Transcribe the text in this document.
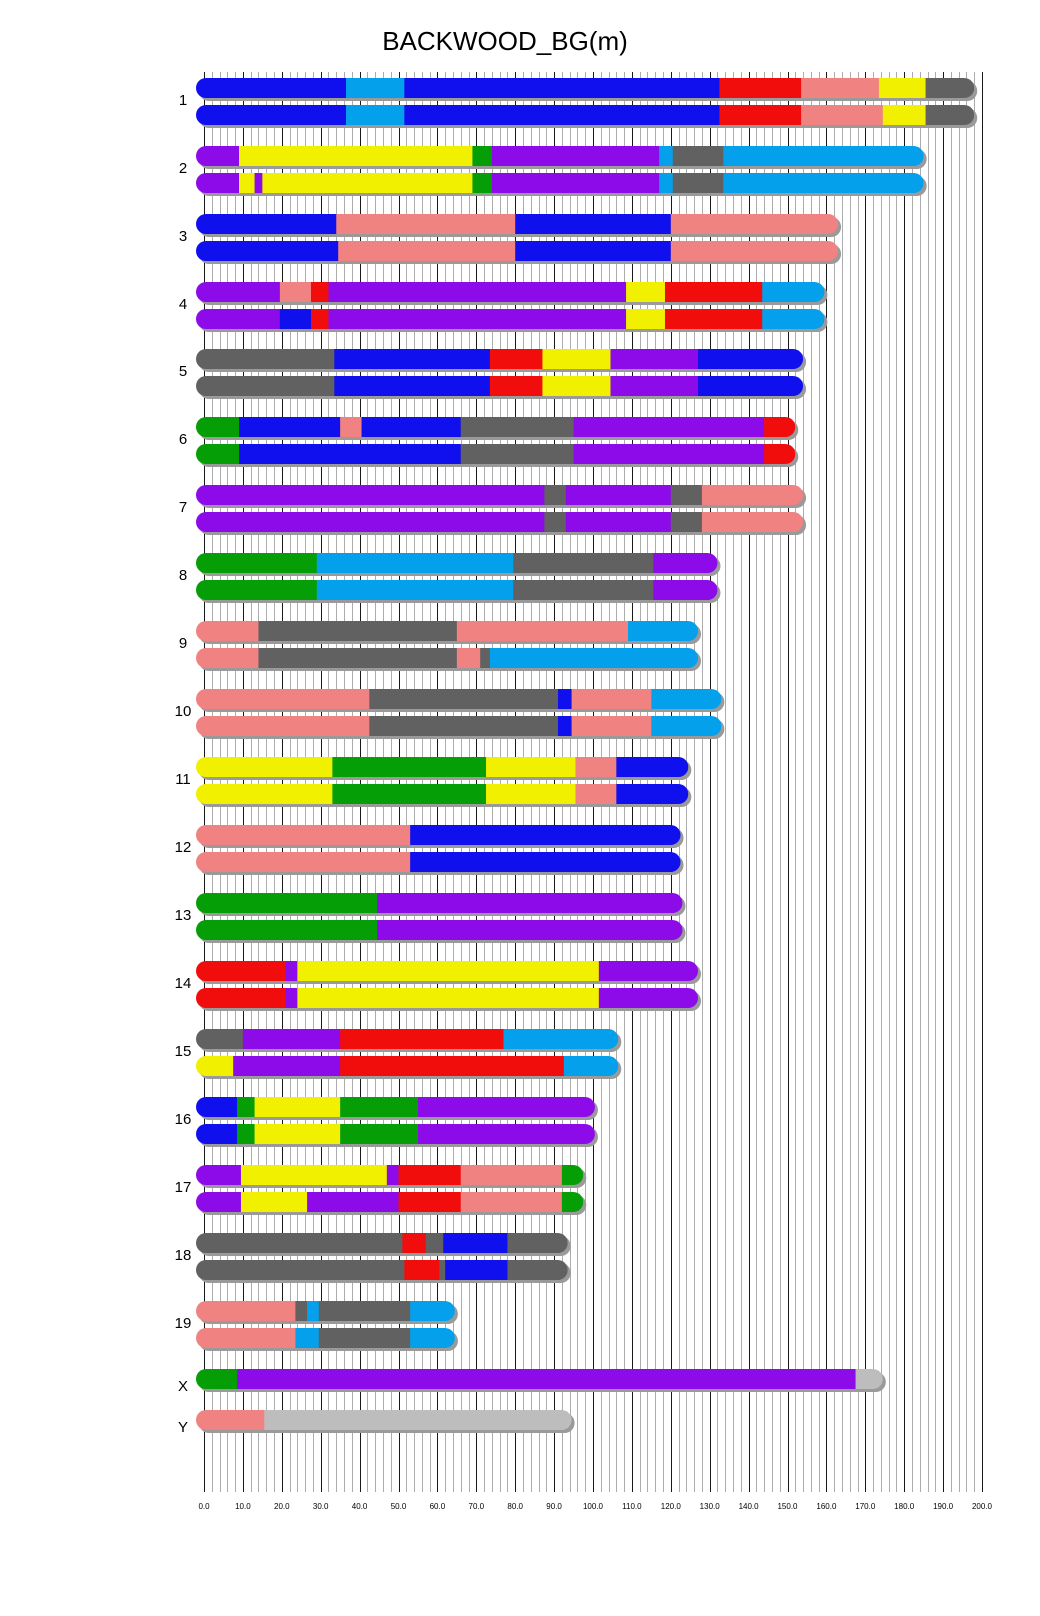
BACKWOOD_BG(m)
1
2
3
4
5
6
7
8
9
10
11
12
13
14
15
16
17
18
19
X
Y
0.0	10.0	20.0	30.0	40.0	50.0	60.0	70.0	80.0	90.0	100.0 110.0 120.0 130.0 140.0 150.0 160.0 170.0 180.0 190.0 200.0
